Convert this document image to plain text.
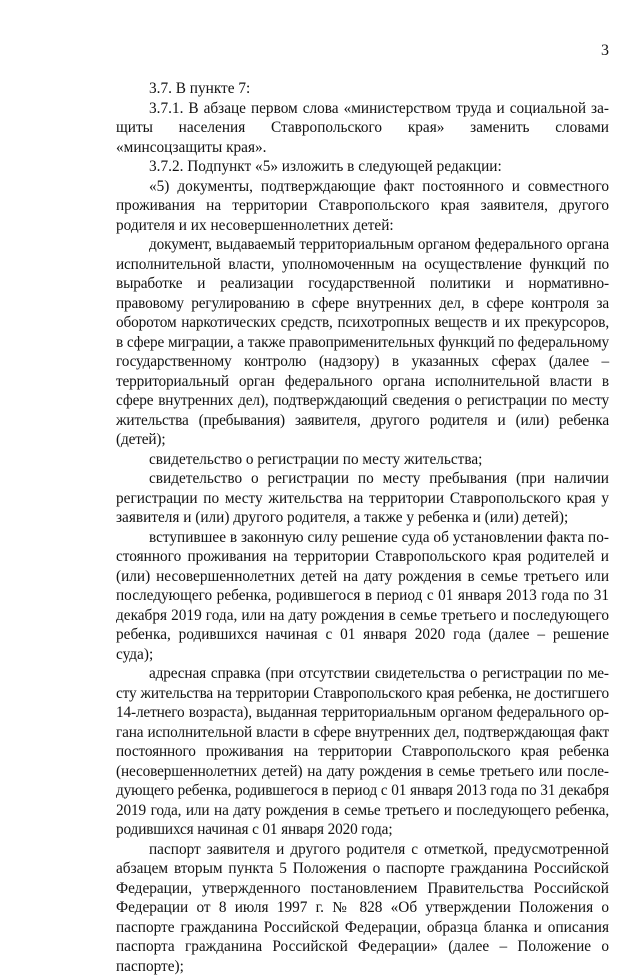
3

3.7. В пункте 7:

3.7.1. В абзаце первом слова «министерством труда и социальной защиты населения Ставропольского края» заменить словами «минсоцзащиты края».

3.7.2. Подпункт «5» изложить в следующей редакции:

«5) документы, подтверждающие факт постоянного и совместного проживания на территории Ставропольского края заявителя, другого родителя и их несовершеннолетних детей:

документ, выдаваемый территориальным органом федерального органа исполнительной власти, уполномоченным на осуществление функций по выработке и реализации государственной политики и нормативно-правовому регулированию в сфере внутренних дел, в сфере контроля за оборотом наркотических средств, психотропных веществ и их прекурсоров, в сфере миграции, а также правоприменительных функций по федеральному государственному контролю (надзору) в указанных сферах (далее – территориальный орган федерального органа исполнительной власти в сфере внутренних дел), подтверждающий сведения о регистрации по месту жительства (пребывания) заявителя, другого родителя и (или) ребенка (детей);

свидетельство о регистрации по месту жительства;

свидетельство о регистрации по месту пребывания (при наличии регистрации по месту жительства на территории Ставропольского края у заявителя и (или) другого родителя, а также у ребенка и (или) детей);

вступившее в законную силу решение суда об установлении факта постоянного проживания на территории Ставропольского края родителей и (или) несовершеннолетних детей на дату рождения в семье третьего или последующего ребенка, родившегося в период с 01 января 2013 года по 31 декабря 2019 года, или на дату рождения в семье третьего и последующего ребенка, родившихся начиная с 01 января 2020 года (далее – решение суда);

адресная справка (при отсутствии свидетельства о регистрации по месту жительства на территории Ставропольского края ребенка, не достигшего 14-летнего возраста), выданная территориальным органом федерального органа исполнительной власти в сфере внутренних дел, подтверждающая факт постоянного проживания на территории Ставропольского края ребенка (несовершеннолетних детей) на дату рождения в семье третьего или последующего ребенка, родившегося в период с 01 января 2013 года по 31 декабря 2019 года, или на дату рождения в семье третьего и последующего ребенка, родившихся начиная с 01 января 2020 года;

паспорт заявителя и другого родителя с отметкой, предусмотренной абзацем вторым пункта 5 Положения о паспорте гражданина Российской Федерации, утвержденного постановлением Правительства Российской Федерации от 8 июля 1997 г. № 828 «Об утверждении Положения о паспорте гражданина Российской Федерации, образца бланка и описания паспорта гражданина Российской Федерации» (далее – Положение о паспорте);
